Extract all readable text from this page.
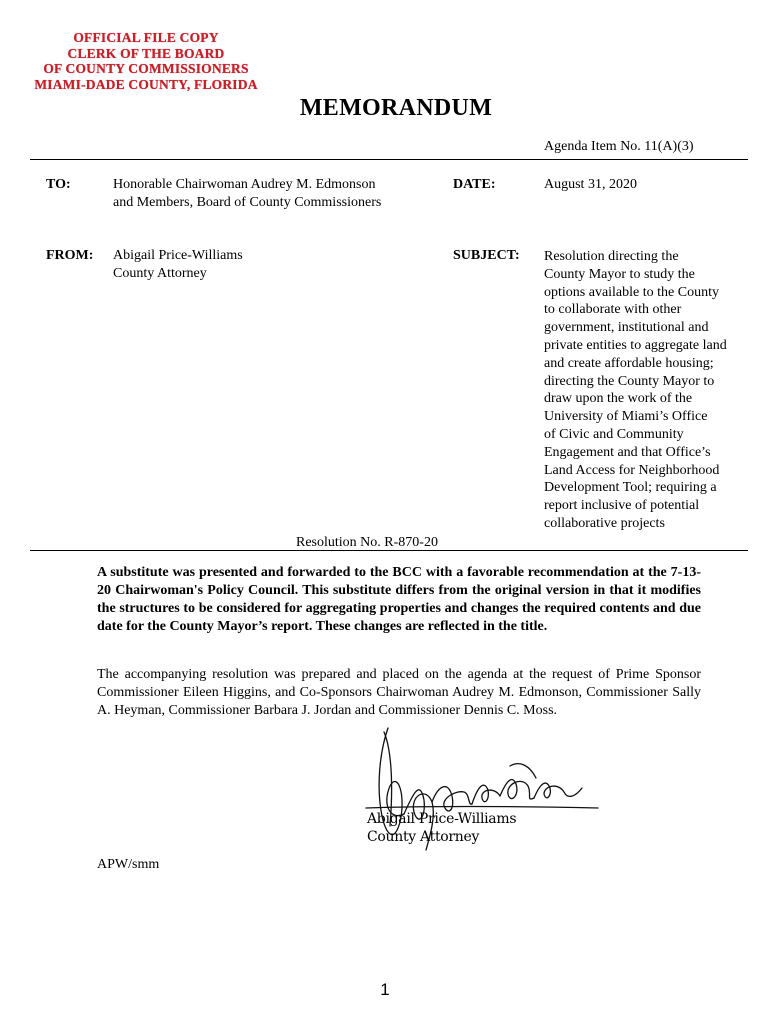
OFFICIAL FILE COPY
CLERK OF THE BOARD
OF COUNTY COMMISSIONERS
MIAMI-DADE COUNTY, FLORIDA
MEMORANDUM
Agenda Item No. 11(A)(3)
TO:	Honorable Chairwoman Audrey M. Edmonson
and Members, Board of County Commissioners
DATE:	August 31, 2020
FROM: Abigail Price-Williams
County Attorney
SUBJECT: Resolution directing the
County Mayor to study the
options available to the County
to collaborate with other
government, institutional and
private entities to aggregate land
and create affordable housing;
directing the County Mayor to
draw upon the work of the
University of Miami’s Office
of Civic and Community
Engagement and that Office’s
Land Access for Neighborhood
Development Tool; requiring a
report inclusive of potential
collaborative projects
Resolution No. R-870-20
A substitute was presented and forwarded to the BCC with a favorable recommendation at the 7-13-20 Chairwoman's Policy Council. This substitute differs from the original version in that it modifies the structures to be considered for aggregating properties and changes the required contents and due date for the County Mayor’s report. These changes are reflected in the title.
The accompanying resolution was prepared and placed on the agenda at the request of Prime Sponsor Commissioner Eileen Higgins, and Co-Sponsors Chairwoman Audrey M. Edmonson, Commissioner Sally A. Heyman, Commissioner Barbara J. Jordan and Commissioner Dennis C. Moss.
Abigail Price-Williams
County Attorney
APW/smm
1
